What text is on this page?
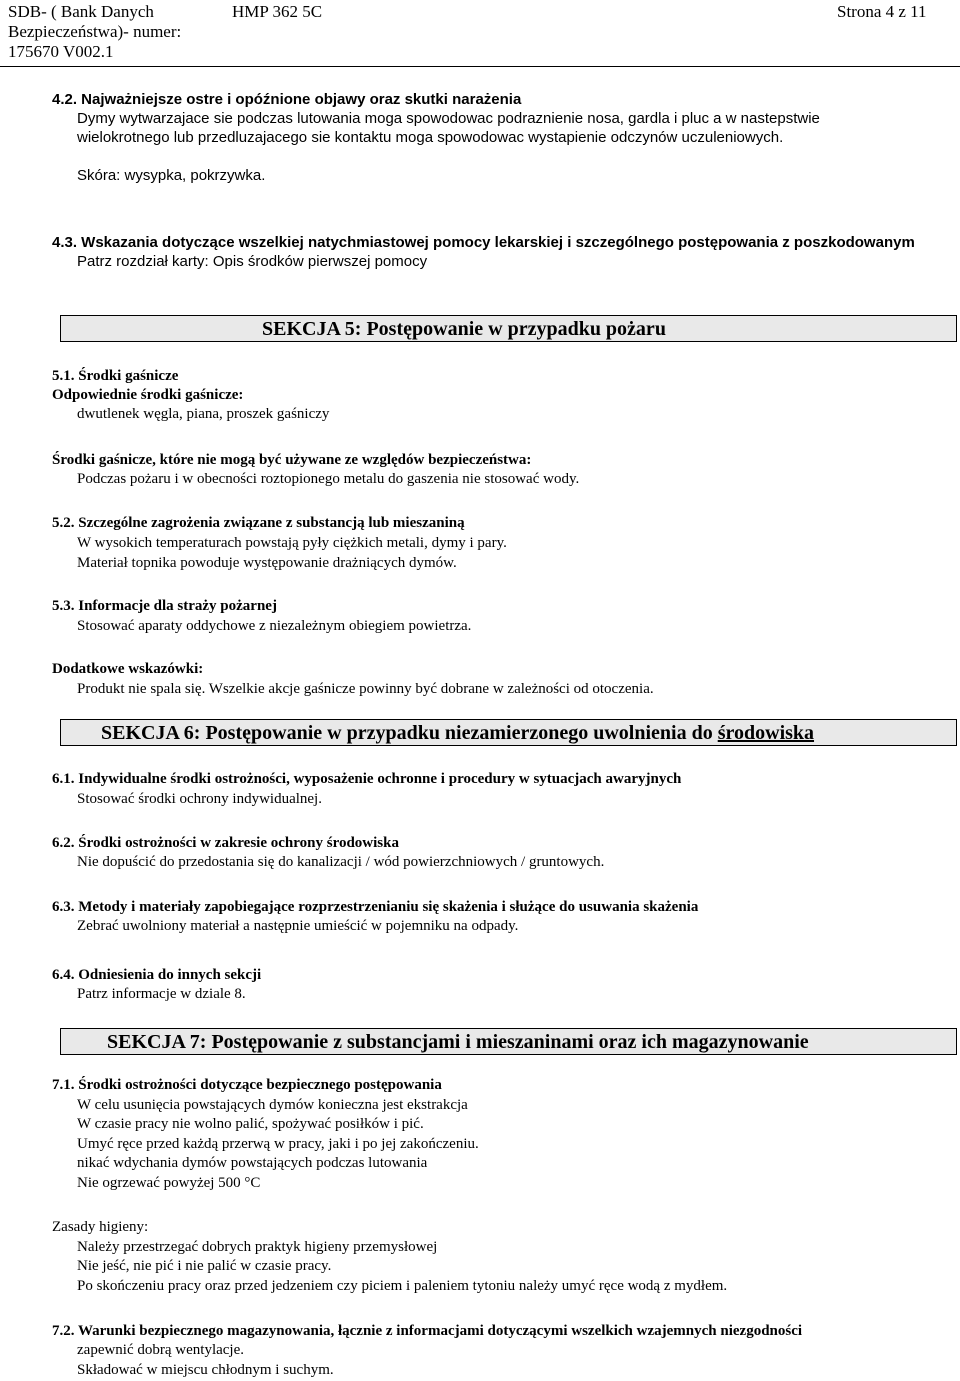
SDB- ( Bank Danych	HMP 362 5C	Strona 4 z 11
Bezpieczeństwa)- numer:
175670 V002.1
4.2. Najważniejsze ostre i opóźnione objawy oraz skutki narażenia
Dymy wytwarzajace sie podczas lutowania moga spowodowac podraznienie nosa, gardla i pluc a w nastepstwie
wielokrotnego lub przedluzajacego sie kontaktu moga spowodowac wystapienie odczynów uczuleniowych.
Skóra: wysypka, pokrzywka.
4.3. Wskazania dotyczące wszelkiej natychmiastowej pomocy lekarskiej i szczególnego postępowania z poszkodowanym
Patrz rozdział karty: Opis środków pierwszej pomocy
SEKCJA 5: Postępowanie w przypadku pożaru
5.1. Środki gaśnicze
Odpowiednie środki gaśnicze:
dwutlenek węgla, piana, proszek gaśniczy
Środki gaśnicze, które nie mogą być używane ze względów bezpieczeństwa:
Podczas pożaru i w obecności roztopionego metalu do gaszenia nie stosować wody.
5.2. Szczególne zagrożenia związane z substancją lub mieszaniną
W wysokich temperaturach powstają pyły ciężkich metali, dymy i pary.
Materiał topnika powoduje występowanie drażniących dymów.
5.3. Informacje dla straży pożarnej
Stosować aparaty oddychowe z niezależnym obiegiem powietrza.
Dodatkowe wskazówki:
Produkt nie spala się. Wszelkie akcje gaśnicze powinny być dobrane w zależności od otoczenia.
SEKCJA 6: Postępowanie w przypadku niezamierzonego uwolnienia do środowiska
6.1. Indywidualne środki ostrożności, wyposażenie ochronne i procedury w sytuacjach awaryjnych
Stosować środki ochrony indywidualnej.
6.2. Środki ostrożności w zakresie ochrony środowiska
Nie dopuścić do przedostania się do kanalizacji / wód powierzchniowych / gruntowych.
6.3. Metody i materiały zapobiegające rozprzestrzenianiu się skażenia i służące do usuwania skażenia
Zebrać uwolniony materiał a następnie umieścić w pojemniku na odpady.
6.4. Odniesienia do innych sekcji
Patrz informacje w dziale 8.
SEKCJA 7: Postępowanie z substancjami i mieszaninami oraz ich magazynowanie
7.1. Środki ostrożności dotyczące bezpiecznego postępowania
W celu usunięcia powstających dymów konieczna jest ekstrakcja
W czasie pracy nie wolno palić, spożywać posiłków i pić.
Umyć ręce przed każdą przerwą w pracy, jaki i po jej zakończeniu.
nikać wdychania dymów powstających podczas lutowania
Nie ogrzewać powyżej 500 °C
Zasady higieny:
Należy przestrzegać dobrych praktyk higieny przemysłowej
Nie jeść, nie pić i nie palić w czasie pracy.
Po skończeniu pracy oraz przed jedzeniem czy piciem i paleniem tytoniu należy umyć ręce wodą z mydłem.
7.2. Warunki bezpiecznego magazynowania, łącznie z informacjami dotyczącymi wszelkich wzajemnych niezgodności
zapewnić dobrą wentylacje.
Składować w miejscu chłodnym i suchym.
